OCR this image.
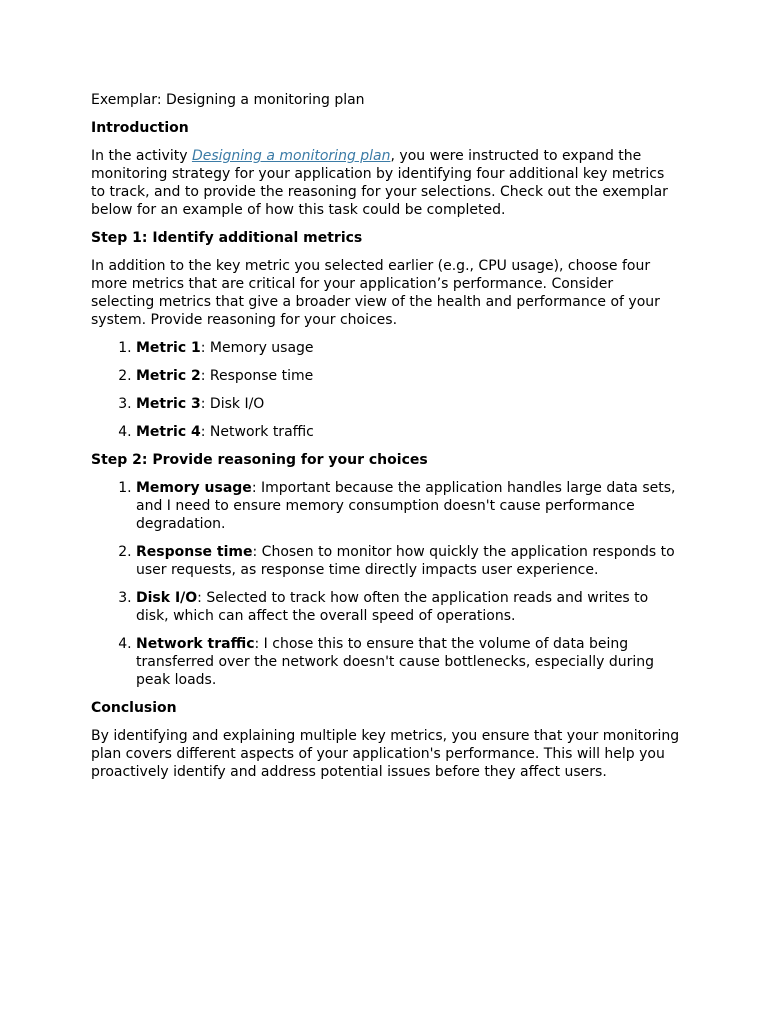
Exemplar: Designing a monitoring plan

Introduction

In the activity Designing a monitoring plan, you were instructed to expand the monitoring strategy for your application by identifying four additional key metrics to track, and to provide the reasoning for your selections. Check out the exemplar below for an example of how this task could be completed.

Step 1: Identify additional metrics

In addition to the key metric you selected earlier (e.g., CPU usage), choose four more metrics that are critical for your application’s performance. Consider selecting metrics that give a broader view of the health and performance of your system. Provide reasoning for your choices.

1. Metric 1: Memory usage
2. Metric 2: Response time
3. Metric 3: Disk I/O
4. Metric 4: Network traffic

Step 2: Provide reasoning for your choices

1. Memory usage: Important because the application handles large data sets, and I need to ensure memory consumption doesn't cause performance degradation.
2. Response time: Chosen to monitor how quickly the application responds to user requests, as response time directly impacts user experience.
3. Disk I/O: Selected to track how often the application reads and writes to disk, which can affect the overall speed of operations.
4. Network traffic: I chose this to ensure that the volume of data being transferred over the network doesn't cause bottlenecks, especially during peak loads.

Conclusion

By identifying and explaining multiple key metrics, you ensure that your monitoring plan covers different aspects of your application's performance. This will help you proactively identify and address potential issues before they affect users.
